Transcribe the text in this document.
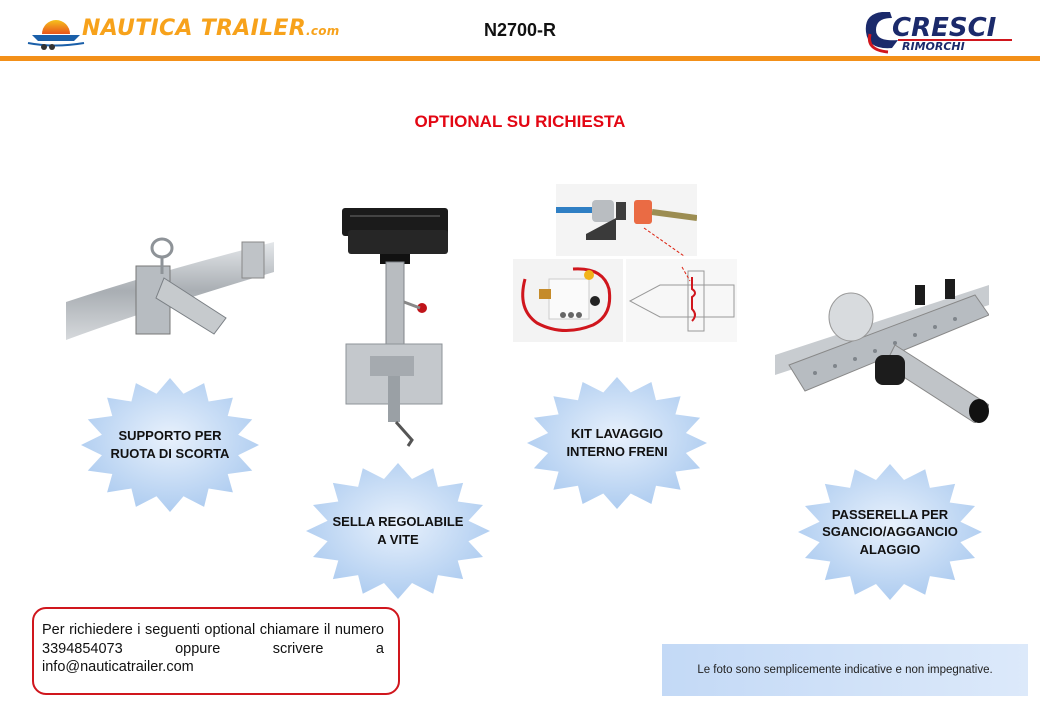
NAUTICA TRAILER.com	N2700-R	CRESCI
RIMORCHI
OPTIONAL SU RICHIESTA
SUPPORTO PER
RUOTA DI SCORTA
SELLA REGOLABILE
A VITE
KIT LAVAGGIO
INTERNO FRENI
PASSERELLA PER
SGANCIO/AGGANCIO
ALAGGIO
Per richiedere i seguenti optional chiamare il numero 3394854073 oppure scrivere a info@nauticatrailer.com	Le foto sono semplicemente indicative e non impegnative.
